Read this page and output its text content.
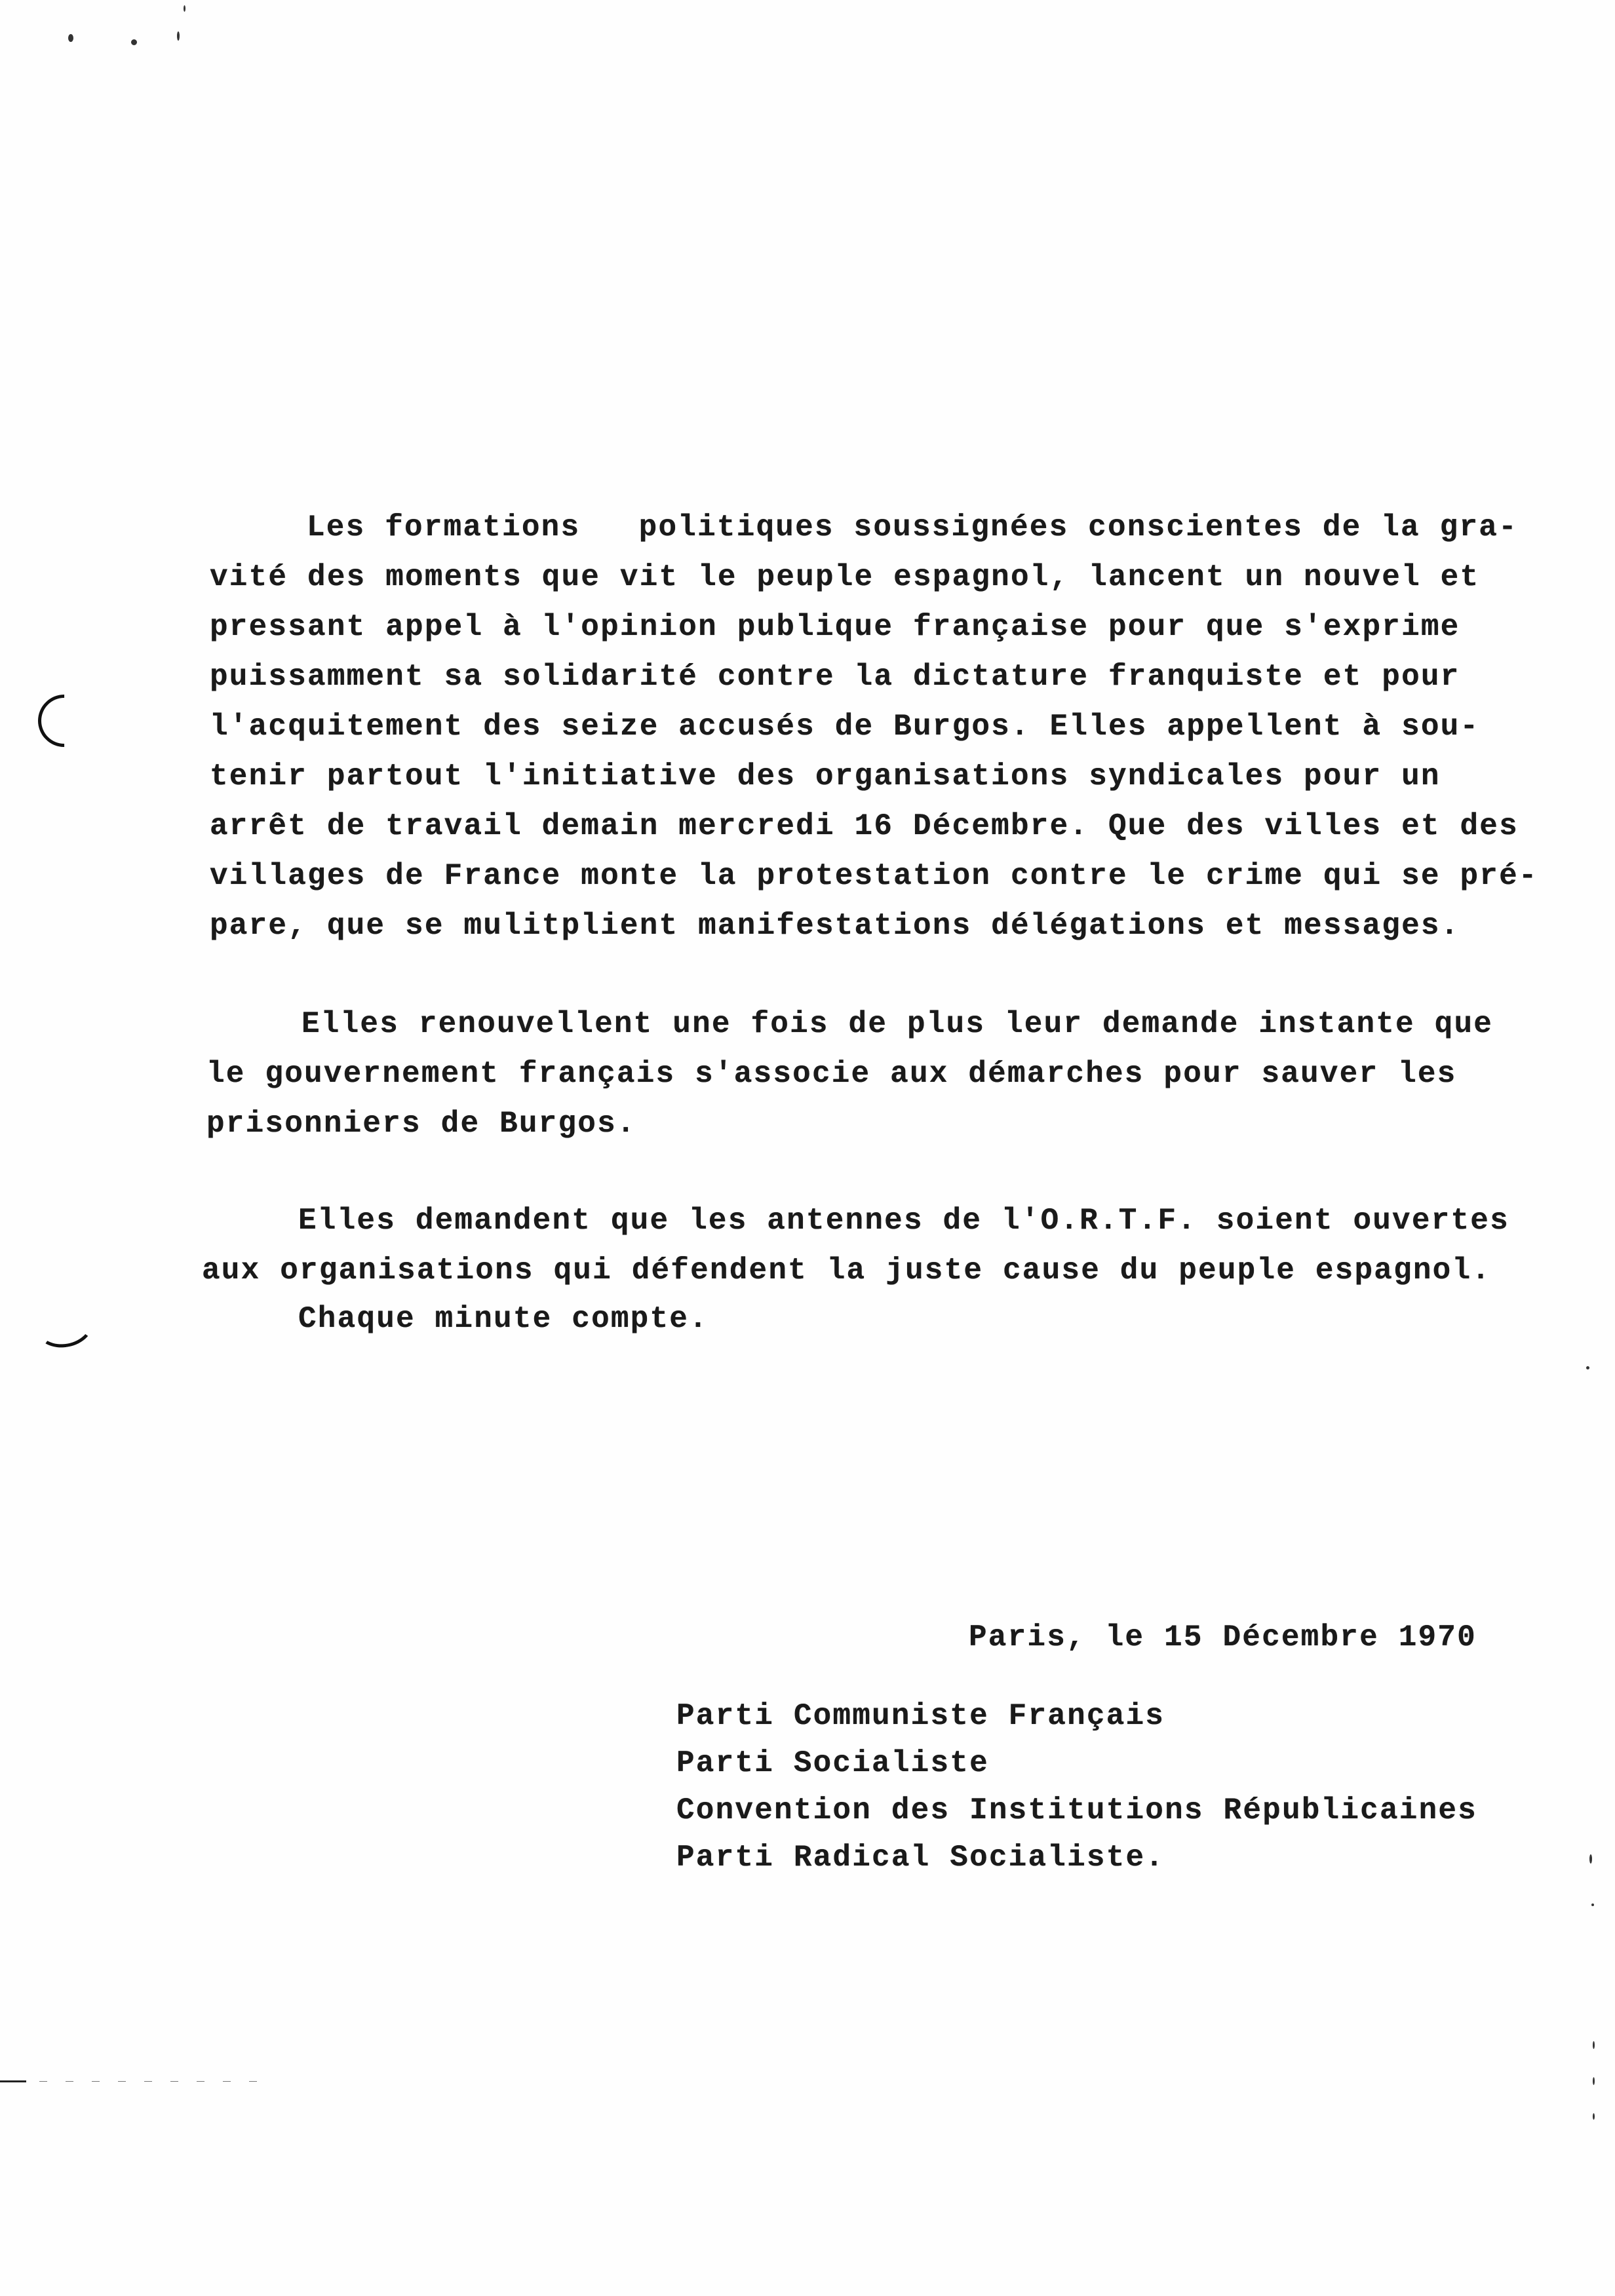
Les formations   politiques soussignées conscientes de la gra-
vité des moments que vit le peuple espagnol, lancent un nouvel et
pressant appel à l'opinion publique française pour que s'exprime
puissamment sa solidarité contre la dictature franquiste et pour
l'acquitement des seize accusés de Burgos. Elles appellent à sou-
tenir partout l'initiative des organisations syndicales pour un
arrêt de travail demain mercredi 16 Décembre. Que des villes et des
villages de France monte la protestation contre le crime qui se pré-
pare, que se mulitplient manifestations délégations et messages.
Elles renouvellent une fois de plus leur demande instante que
le gouvernement français s'associe aux démarches pour sauver les
prisonniers de Burgos.
Elles demandent que les antennes de l'O.R.T.F. soient ouvertes
aux organisations qui défendent la juste cause du peuple espagnol.
Chaque minute compte.
Paris, le 15 Décembre 1970
Parti Communiste Français
Parti Socialiste
Convention des Institutions Républicaines
Parti Radical Socialiste.
